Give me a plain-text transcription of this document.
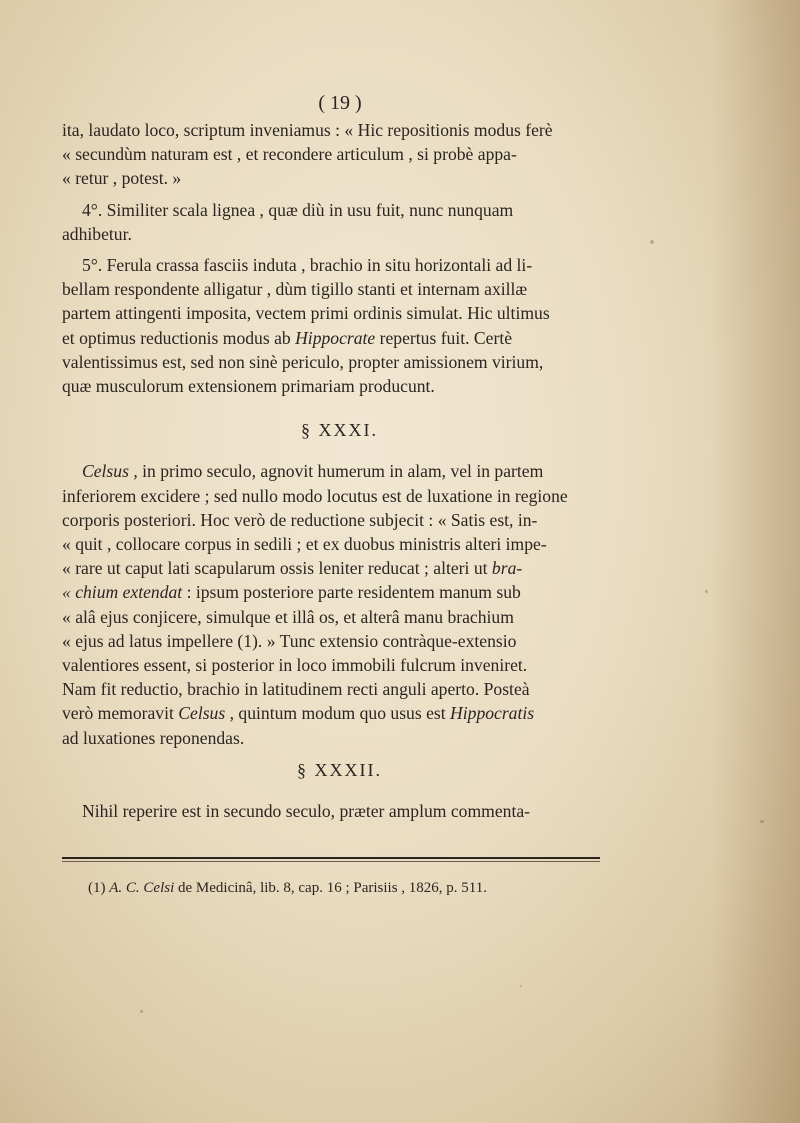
( 19 )

ita, laudato loco, scriptum inveniamus : « Hic repositionis modus ferè
« secundùm naturam est , et recondere articulum , si probè appa-
« retur , potest. »

4°. Similiter scala lignea , quæ diù in usu fuit, nunc nunquam
adhibetur.

5°. Ferula crassa fasciis induta , brachio in situ horizontali ad li-
bellam respondente alligatur , dùm tigillo stanti et internam axillæ
partem attingenti imposita, vectem primi ordinis simulat. Hic ultimus
et optimus reductionis modus ab Hippocrate repertus fuit. Certè
valentissimus est, sed non sinè periculo, propter amissionem virium,
quæ musculorum extensionem primariam producunt.

§ XXXI.

Celsus , in primo seculo, agnovit humerum in alam, vel in partem
inferiorem excidere ; sed nullo modo locutus est de luxatione in regione
corporis posteriori. Hoc verò de reductione subjecit : « Satis est, in-
« quit , collocare corpus in sedili ; et ex duobus ministris alteri impe-
« rare ut caput lati scapularum ossis leniter reducat ; alteri ut bra-
« chium extendat : ipsum posteriore parte residentem manum sub
« alâ ejus conjicere, simulque et illâ os, et alterâ manu brachium
« ejus ad latus impellere (1). » Tunc extensio contràque-extensio
valentiores essent, si posterior in loco immobili fulcrum inveniret.
Nam fit reductio, brachio in latitudinem recti anguli aperto. Posteà
verò memoravit Celsus , quintum modum quo usus est Hippocratis
ad luxationes reponendas.

§ XXXII.

Nihil reperire est in secundo seculo, præter amplum commenta-

(1) A. C. Celsi de Medicinâ, lib. 8, cap. 16 ; Parisiis , 1826, p. 511.
